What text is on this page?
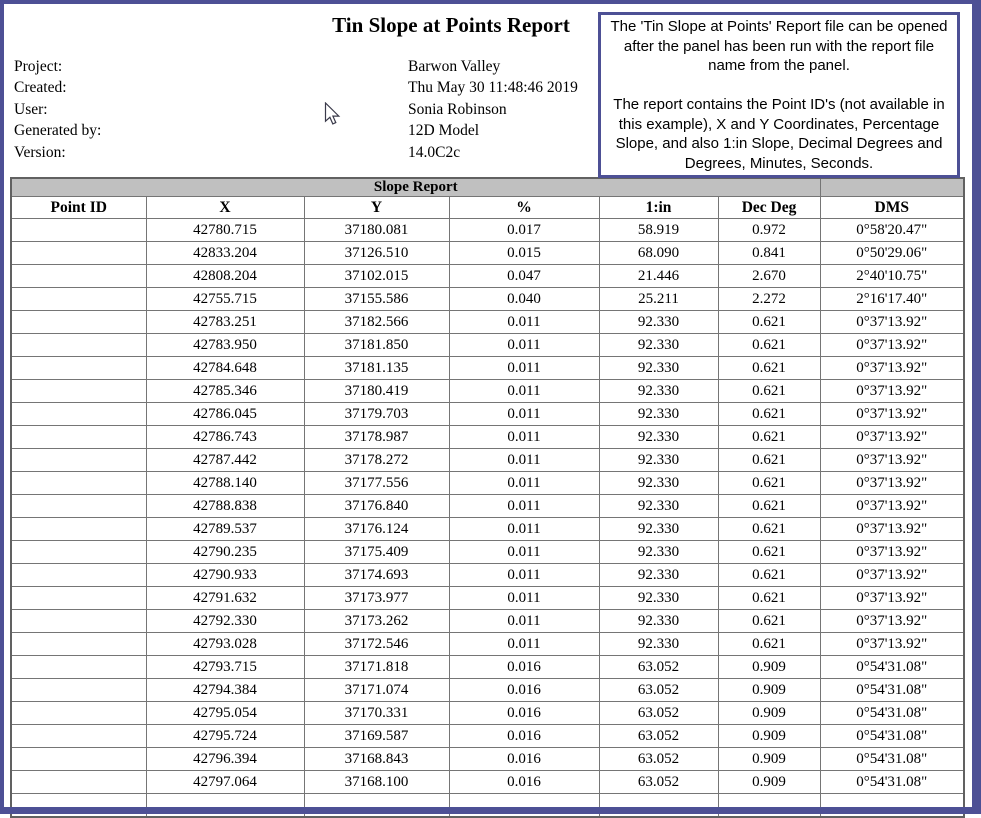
Tin Slope at Points Report	The 'Tin Slope at Points' Report file can be opened after the panel has been run with the report file name from the panel.

The report contains the Point ID's (not available in this example), X and Y Coordinates, Percentage Slope, and also 1:in Slope, Decimal Degrees and Degrees, Minutes, Seconds.

Project:	Barwon Valley
Created:	Thu May 30 11:48:46 2019
User:	Sonia Robinson
Generated by:	12D Model
Version:	14.0C2c
Slope Report						
Point ID	X	Y	%	1:in	Dec Deg	DMS
	42780.715	37180.081	0.017	58.919	0.972	0°58'20.47"
	42833.204	37126.510	0.015	68.090	0.841	0°50'29.06"
	42808.204	37102.015	0.047	21.446	2.670	2°40'10.75"
	42755.715	37155.586	0.040	25.211	2.272	2°16'17.40"
	42783.251	37182.566	0.011	92.330	0.621	0°37'13.92"
	42783.950	37181.850	0.011	92.330	0.621	0°37'13.92"
	42784.648	37181.135	0.011	92.330	0.621	0°37'13.92"
	42785.346	37180.419	0.011	92.330	0.621	0°37'13.92"
	42786.045	37179.703	0.011	92.330	0.621	0°37'13.92"
	42786.743	37178.987	0.011	92.330	0.621	0°37'13.92"
	42787.442	37178.272	0.011	92.330	0.621	0°37'13.92"
	42788.140	37177.556	0.011	92.330	0.621	0°37'13.92"
	42788.838	37176.840	0.011	92.330	0.621	0°37'13.92"
	42789.537	37176.124	0.011	92.330	0.621	0°37'13.92"
	42790.235	37175.409	0.011	92.330	0.621	0°37'13.92"
	42790.933	37174.693	0.011	92.330	0.621	0°37'13.92"
	42791.632	37173.977	0.011	92.330	0.621	0°37'13.92"
	42792.330	37173.262	0.011	92.330	0.621	0°37'13.92"
	42793.028	37172.546	0.011	92.330	0.621	0°37'13.92"
	42793.715	37171.818	0.016	63.052	0.909	0°54'31.08"
	42794.384	37171.074	0.016	63.052	0.909	0°54'31.08"
	42795.054	37170.331	0.016	63.052	0.909	0°54'31.08"
	42795.724	37169.587	0.016	63.052	0.909	0°54'31.08"
	42796.394	37168.843	0.016	63.052	0.909	0°54'31.08"
	42797.064	37168.100	0.016	63.052	0.909	0°54'31.08"
